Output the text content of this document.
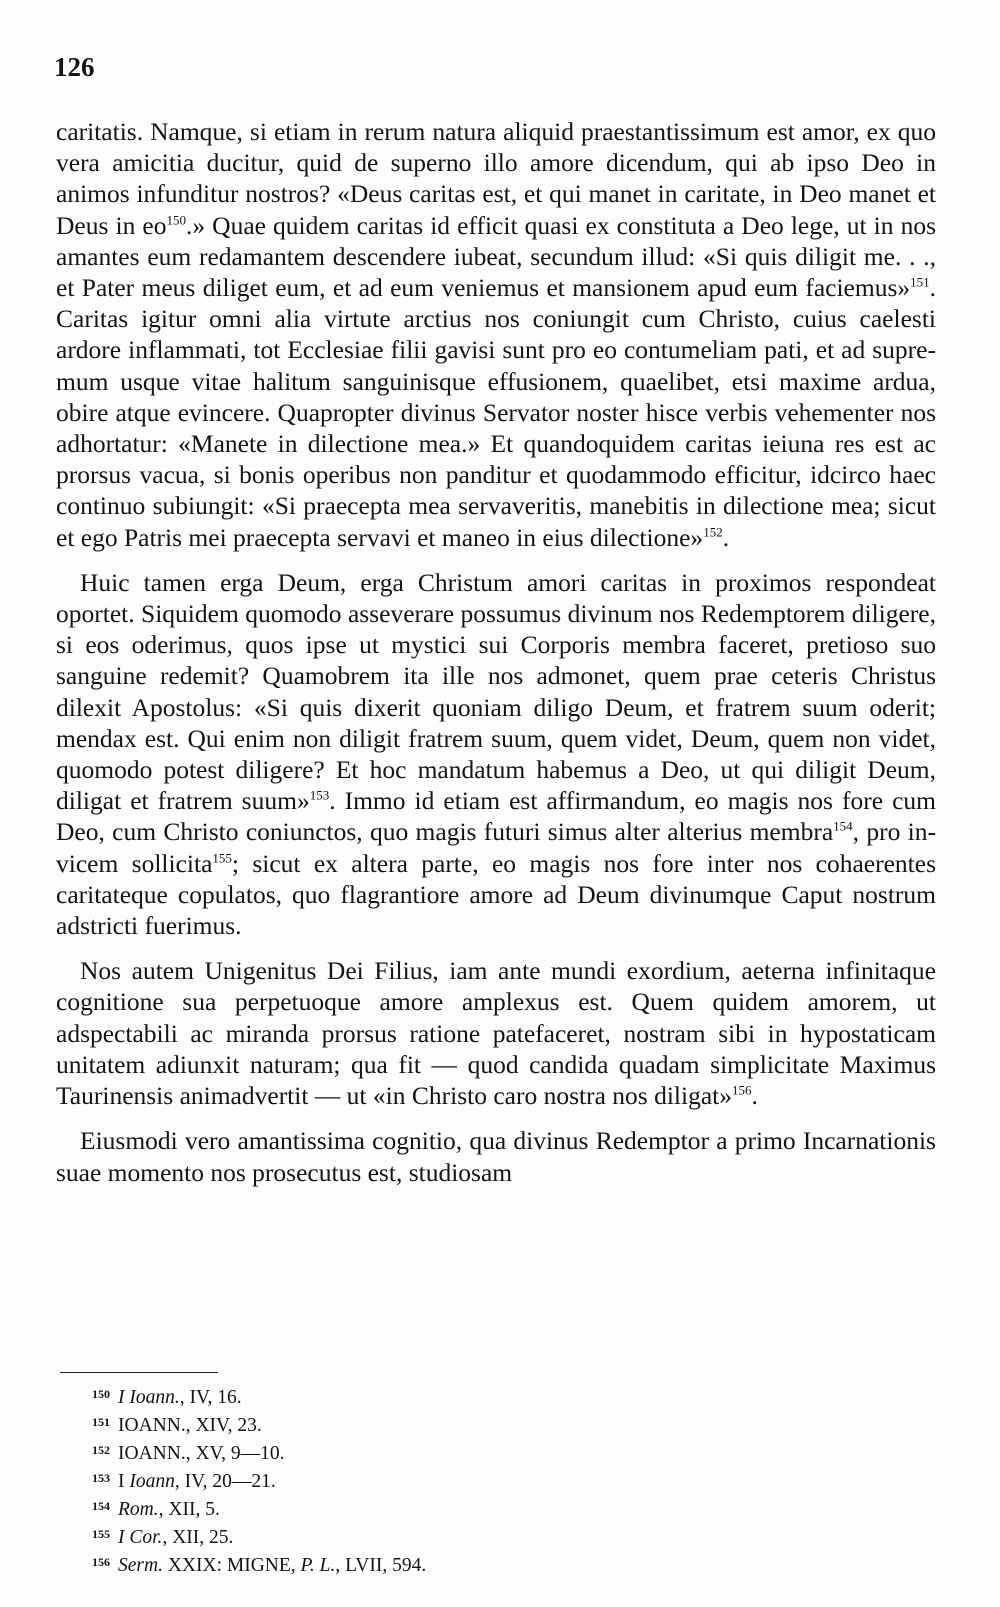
126

caritatis. Namque, si etiam in rerum natura aliquid praestantissimum est amor, ex quo vera amicitia ducitur, quid de superno illo amore dicendum, qui ab ipso Deo in animos infunditur nostros? «Deus caritas est, et qui manet in caritate, in Deo manet et Deus in $eo^{150}$.» Quae quidem caritas id efficit quasi ex constituta a Deo lege, ut in nos amantes eum redamantem descendere iubeat, secundum illud: «Si quis diligit me. . ., et Pater meus diliget eum, et ad eum veniemus et mansionem apud eum faciemus»$^{151}$. Caritas igitur omni alia virtute arctius nos coniungit cum Christo, cuius caelesti ardore inflammati, tot Ecclesiae filii gavisi sunt pro eo contumeliam pati, et ad supremum usque vitae halitum sanguinisque effusionem, quaelibet, etsi maxime ardua, obire atque evincere. Quapropter divinus Servator noster hisce verbis vehementer nos adhortatur: «Manete in dilectione mea.» Et quandoquidem caritas ieiuna res est ac prorsus vacua, si bonis operibus non panditur et quodammodo efficitur, idcirco haec continuo subiungit: «Si praecepta mea servaveritis, manebitis in dilectione mea; sicut et ego Patris mei praecepta servavi et maneo in eius dilectione»$^{152}$.

Huic tamen erga Deum, erga Christum amori caritas in proximos respondeat oportet. Siquidem quomodo asseverare possumus divinum nos Redemptorem diligere, si eos oderimus, quos ipse ut mystici sui Corporis membra faceret, pretioso suo sanguine redemit? Quamobrem ita ille nos admonet, quem prae ceteris Christus dilexit Apostolus: «Si quis dixerit quoniam diligo Deum, et fratrem suum oderit; mendax est. Qui enim non diligit fratrem suum, quem videt, Deum, quem non videt, quomodo potest diligere? Et hoc mandatum habemus a Deo, ut qui diligit Deum, diligat et fratrem suum»$^{153}$. Immo id etiam est affirmandum, eo magis nos fore cum Deo, cum Christo coniunctos, quo magis futuri simus alter alterius membra$^{154}$, pro invicem sollicita$^{155}$; sicut ex altera parte, eo magis nos fore inter nos cohaerentes caritateque copulatos, quo flagrantiore amore ad Deum divinumque Caput nostrum adstricti fuerimus.

Nos autem Unigenitus Dei Filius, iam ante mundi exordium, aeterna infinitaque cognitione sua perpetuoque amore amplexus est. Quem quidem amorem, ut adspectabili ac miranda prorsus ratione patefaceret, nostram sibi in hypostaticam unitatem adiunxit naturam; qua fit — quod candida quadam simplicitate Maximus Taurinensis animadvertit — ut «in Christo caro nostra nos diligat»$^{156}$.

Eiusmodi vero amantissima cognitio, qua divinus Redemptor a primo Incarnationis suae momento nos prosecutus est, studiosam

150 I Ioann., IV, 16.
151 IOANN., XIV, 23.
152 IOANN., XV, 9—10.
153 I Ioann, IV, 20—21.
154 Rom., XII, 5.
155 I Cor., XII, 25.
156 Serm. XXIX: MIGNE, P. L., LVII, 594.
